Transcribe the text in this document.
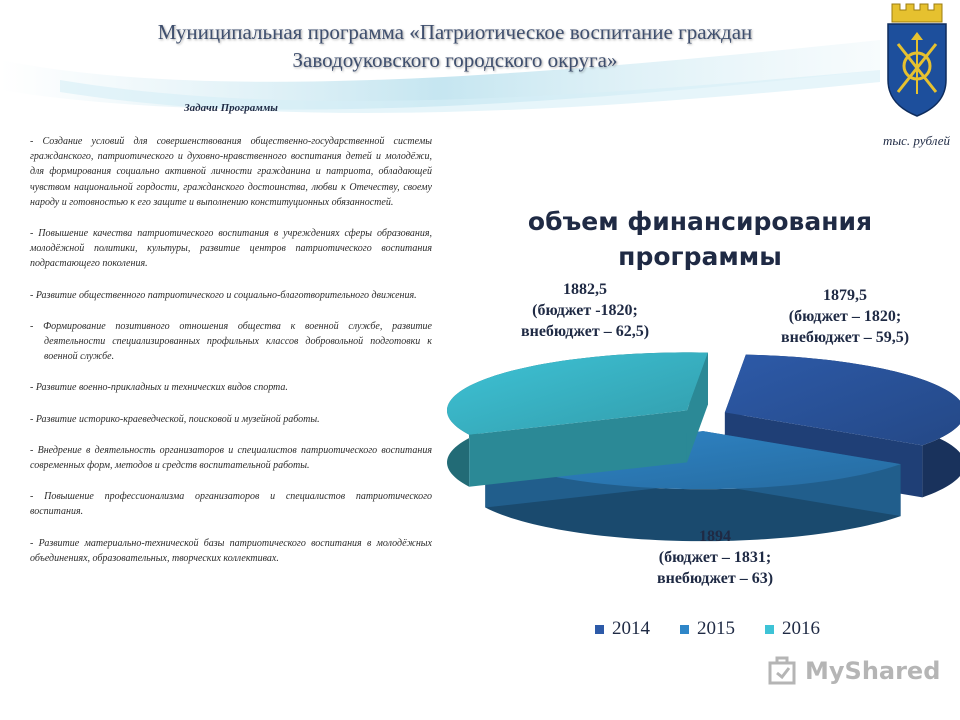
Муниципальная программа «Патриотическое воспитание граждан
Заводоуковского городского округа»
Задачи Программы
- Создание условий для совершенствования общественно-государственной системы гражданского, патриотического и духовно-нравственного воспитания детей и молодёжи, для формирования социально активной личности гражданина и патриота, обладающей чувством национальной гордости, гражданского достоинства, любви к Отечеству, своему народу и готовностью к его защите и выполнению конституционных обязанностей.
- Повышение качества патриотического воспитания в учреждениях сферы образования, молодёжной политики, культуры, развитие центров патриотического воспитания подрастающего поколения.
- Развитие общественного патриотического и социально-благотворительного движения.
- Формирование позитивного отношения общества к военной службе, развитие деятельности специализированных профильных классов добровольной подготовки к военной службе.
- Развитие военно-прикладных и технических видов спорта.
- Развитие историко-краеведческой, поисковой и музейной работы.
- Внедрение в деятельность организаторов и специалистов патриотического воспитания современных форм, методов и средств воспитательной работы.
- Повышение профессионализма организаторов и специалистов патриотического воспитания.
- Развитие материально-технической базы патриотического воспитания в молодёжных объединениях, образовательных, творческих коллективах.
тыс. рублей
объем финансирования
программы
1879,5
(бюджет – 1820;
внебюджет – 59,5)
1894
(бюджет – 1831;
внебюджет – 63)
1882,5
(бюджет -1820;
внебюджет – 62,5)
2014 2015 2016
MyShared
